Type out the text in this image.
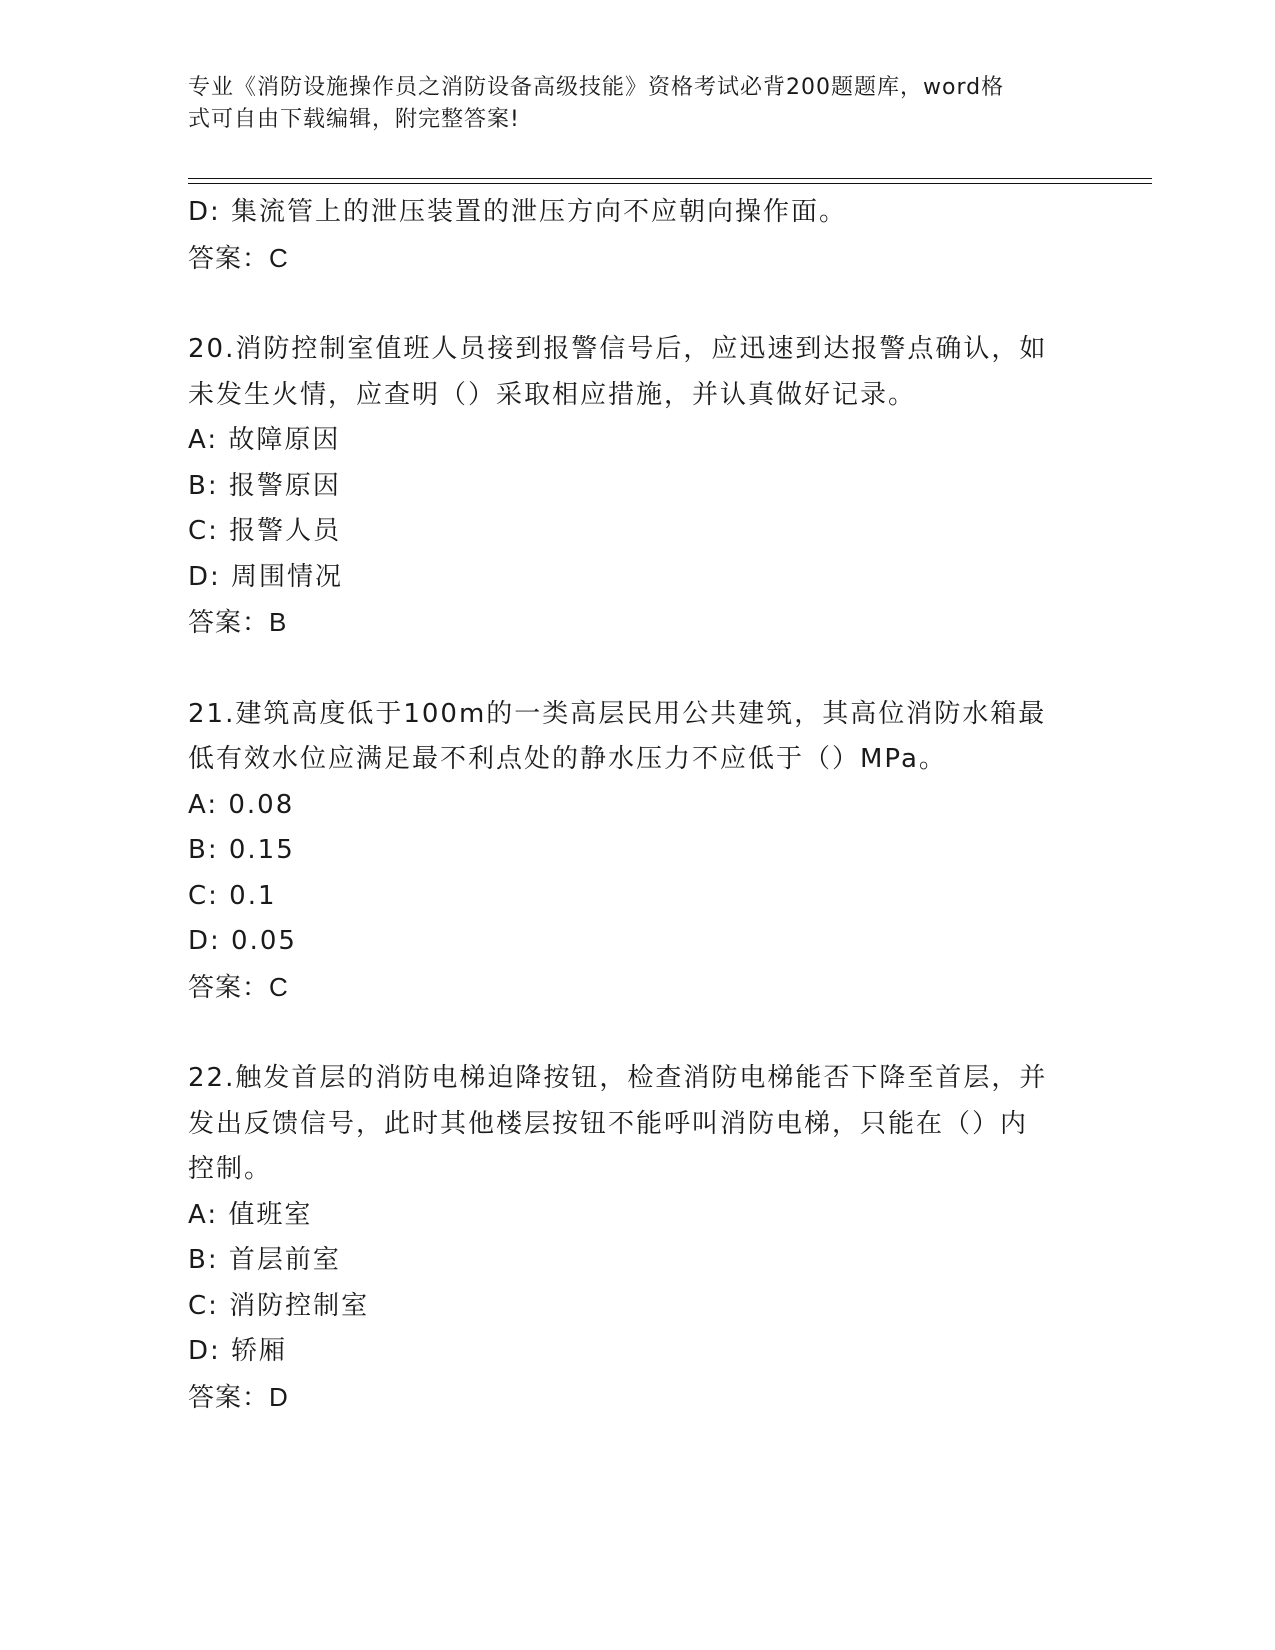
专业《消防设施操作员之消防设备高级技能》资格考试必背200题题库，word格
式可自由下载编辑，附完整答案!
D: 集流管上的泄压装置的泄压方向不应朝向操作面。
答案：C
20.消防控制室值班人员接到报警信号后，应迅速到达报警点确认，如
未发生火情，应查明（）采取相应措施，并认真做好记录。
A: 故障原因
B: 报警原因
C: 报警人员
D: 周围情况
答案：B
21.建筑高度低于100m的一类高层民用公共建筑，其高位消防水箱最
低有效水位应满足最不利点处的静水压力不应低于（）MPa。
A: 0.08
B: 0.15
C: 0.1
D: 0.05
答案：C
22.触发首层的消防电梯迫降按钮，检查消防电梯能否下降至首层，并
发出反馈信号，此时其他楼层按钮不能呼叫消防电梯，只能在（）内
控制。
A: 值班室
B: 首层前室
C: 消防控制室
D: 轿厢
答案：D
